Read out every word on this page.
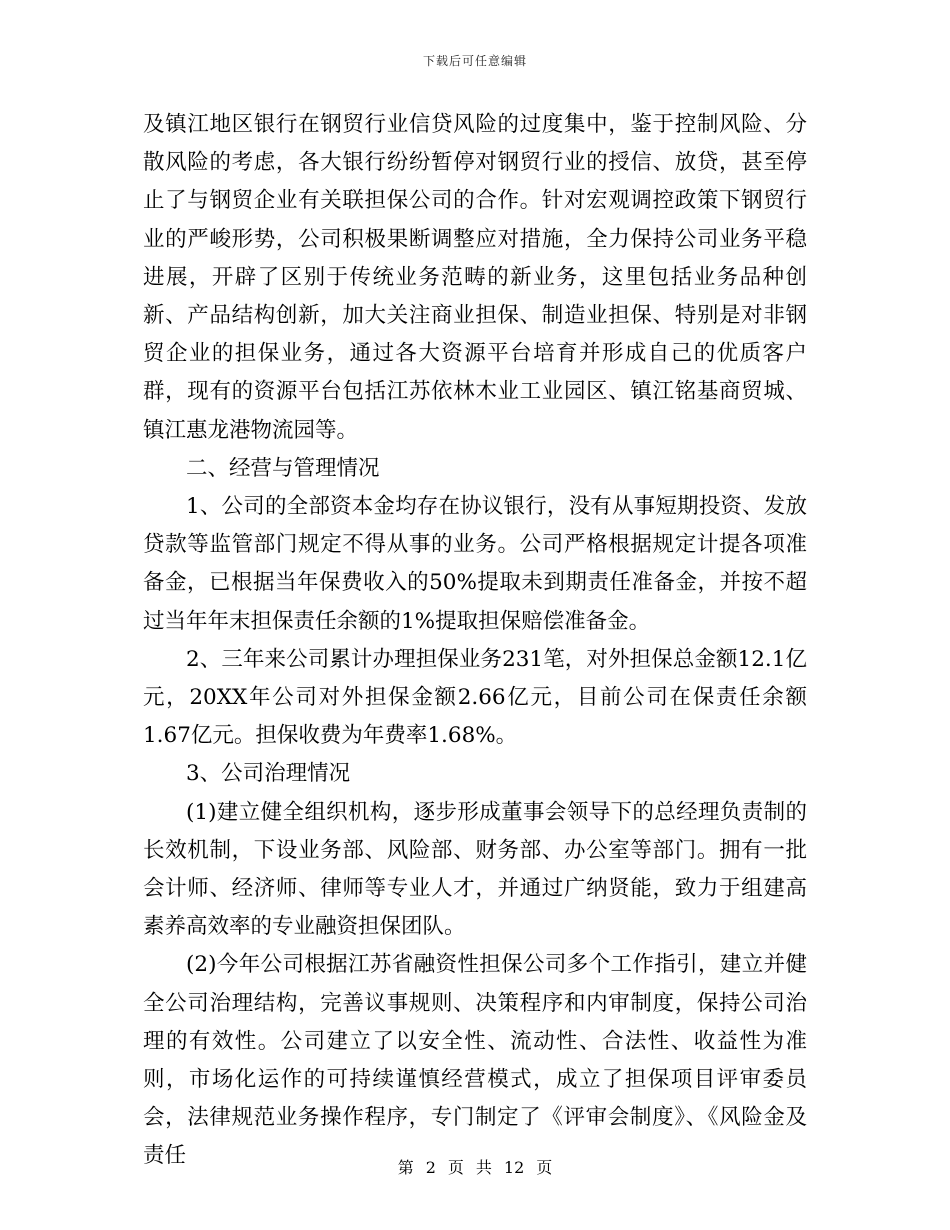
下载后可任意编辑

及镇江地区银行在钢贸行业信贷风险的过度集中，鉴于控制风险、分散风险的考虑，各大银行纷纷暂停对钢贸行业的授信、放贷，甚至停止了与钢贸企业有关联担保公司的合作。针对宏观调控政策下钢贸行业的严峻形势，公司积极果断调整应对措施，全力保持公司业务平稳进展，开辟了区别于传统业务范畴的新业务，这里包括业务品种创新、产品结构创新，加大关注商业担保、制造业担保、特别是对非钢贸企业的担保业务，通过各大资源平台培育并形成自己的优质客户群，现有的资源平台包括江苏依林木业工业园区、镇江铭基商贸城、镇江惠龙港物流园等。

二、经营与管理情况

1、公司的全部资本金均存在协议银行，没有从事短期投资、发放贷款等监管部门规定不得从事的业务。公司严格根据规定计提各项准备金，已根据当年保费收入的50%提取未到期责任准备金，并按不超过当年年末担保责任余额的1%提取担保赔偿准备金。

2、三年来公司累计办理担保业务231笔，对外担保总金额12.1亿元，20XX年公司对外担保金额2.66亿元，目前公司在保责任余额1.67亿元。担保收费为年费率1.68%。

3、公司治理情况

(1)建立健全组织机构，逐步形成董事会领导下的总经理负责制的长效机制，下设业务部、风险部、财务部、办公室等部门。拥有一批会计师、经济师、律师等专业人才，并通过广纳贤能，致力于组建高素养高效率的专业融资担保团队。

(2)今年公司根据江苏省融资性担保公司多个工作指引，建立并健全公司治理结构，完善议事规则、决策程序和内审制度，保持公司治理的有效性。公司建立了以安全性、流动性、合法性、收益性为准则，市场化运作的可持续谨慎经营模式，成立了担保项目评审委员会，法律规范业务操作程序，专门制定了《评审会制度》、《风险金及责任	第 2 页 共 12 页
